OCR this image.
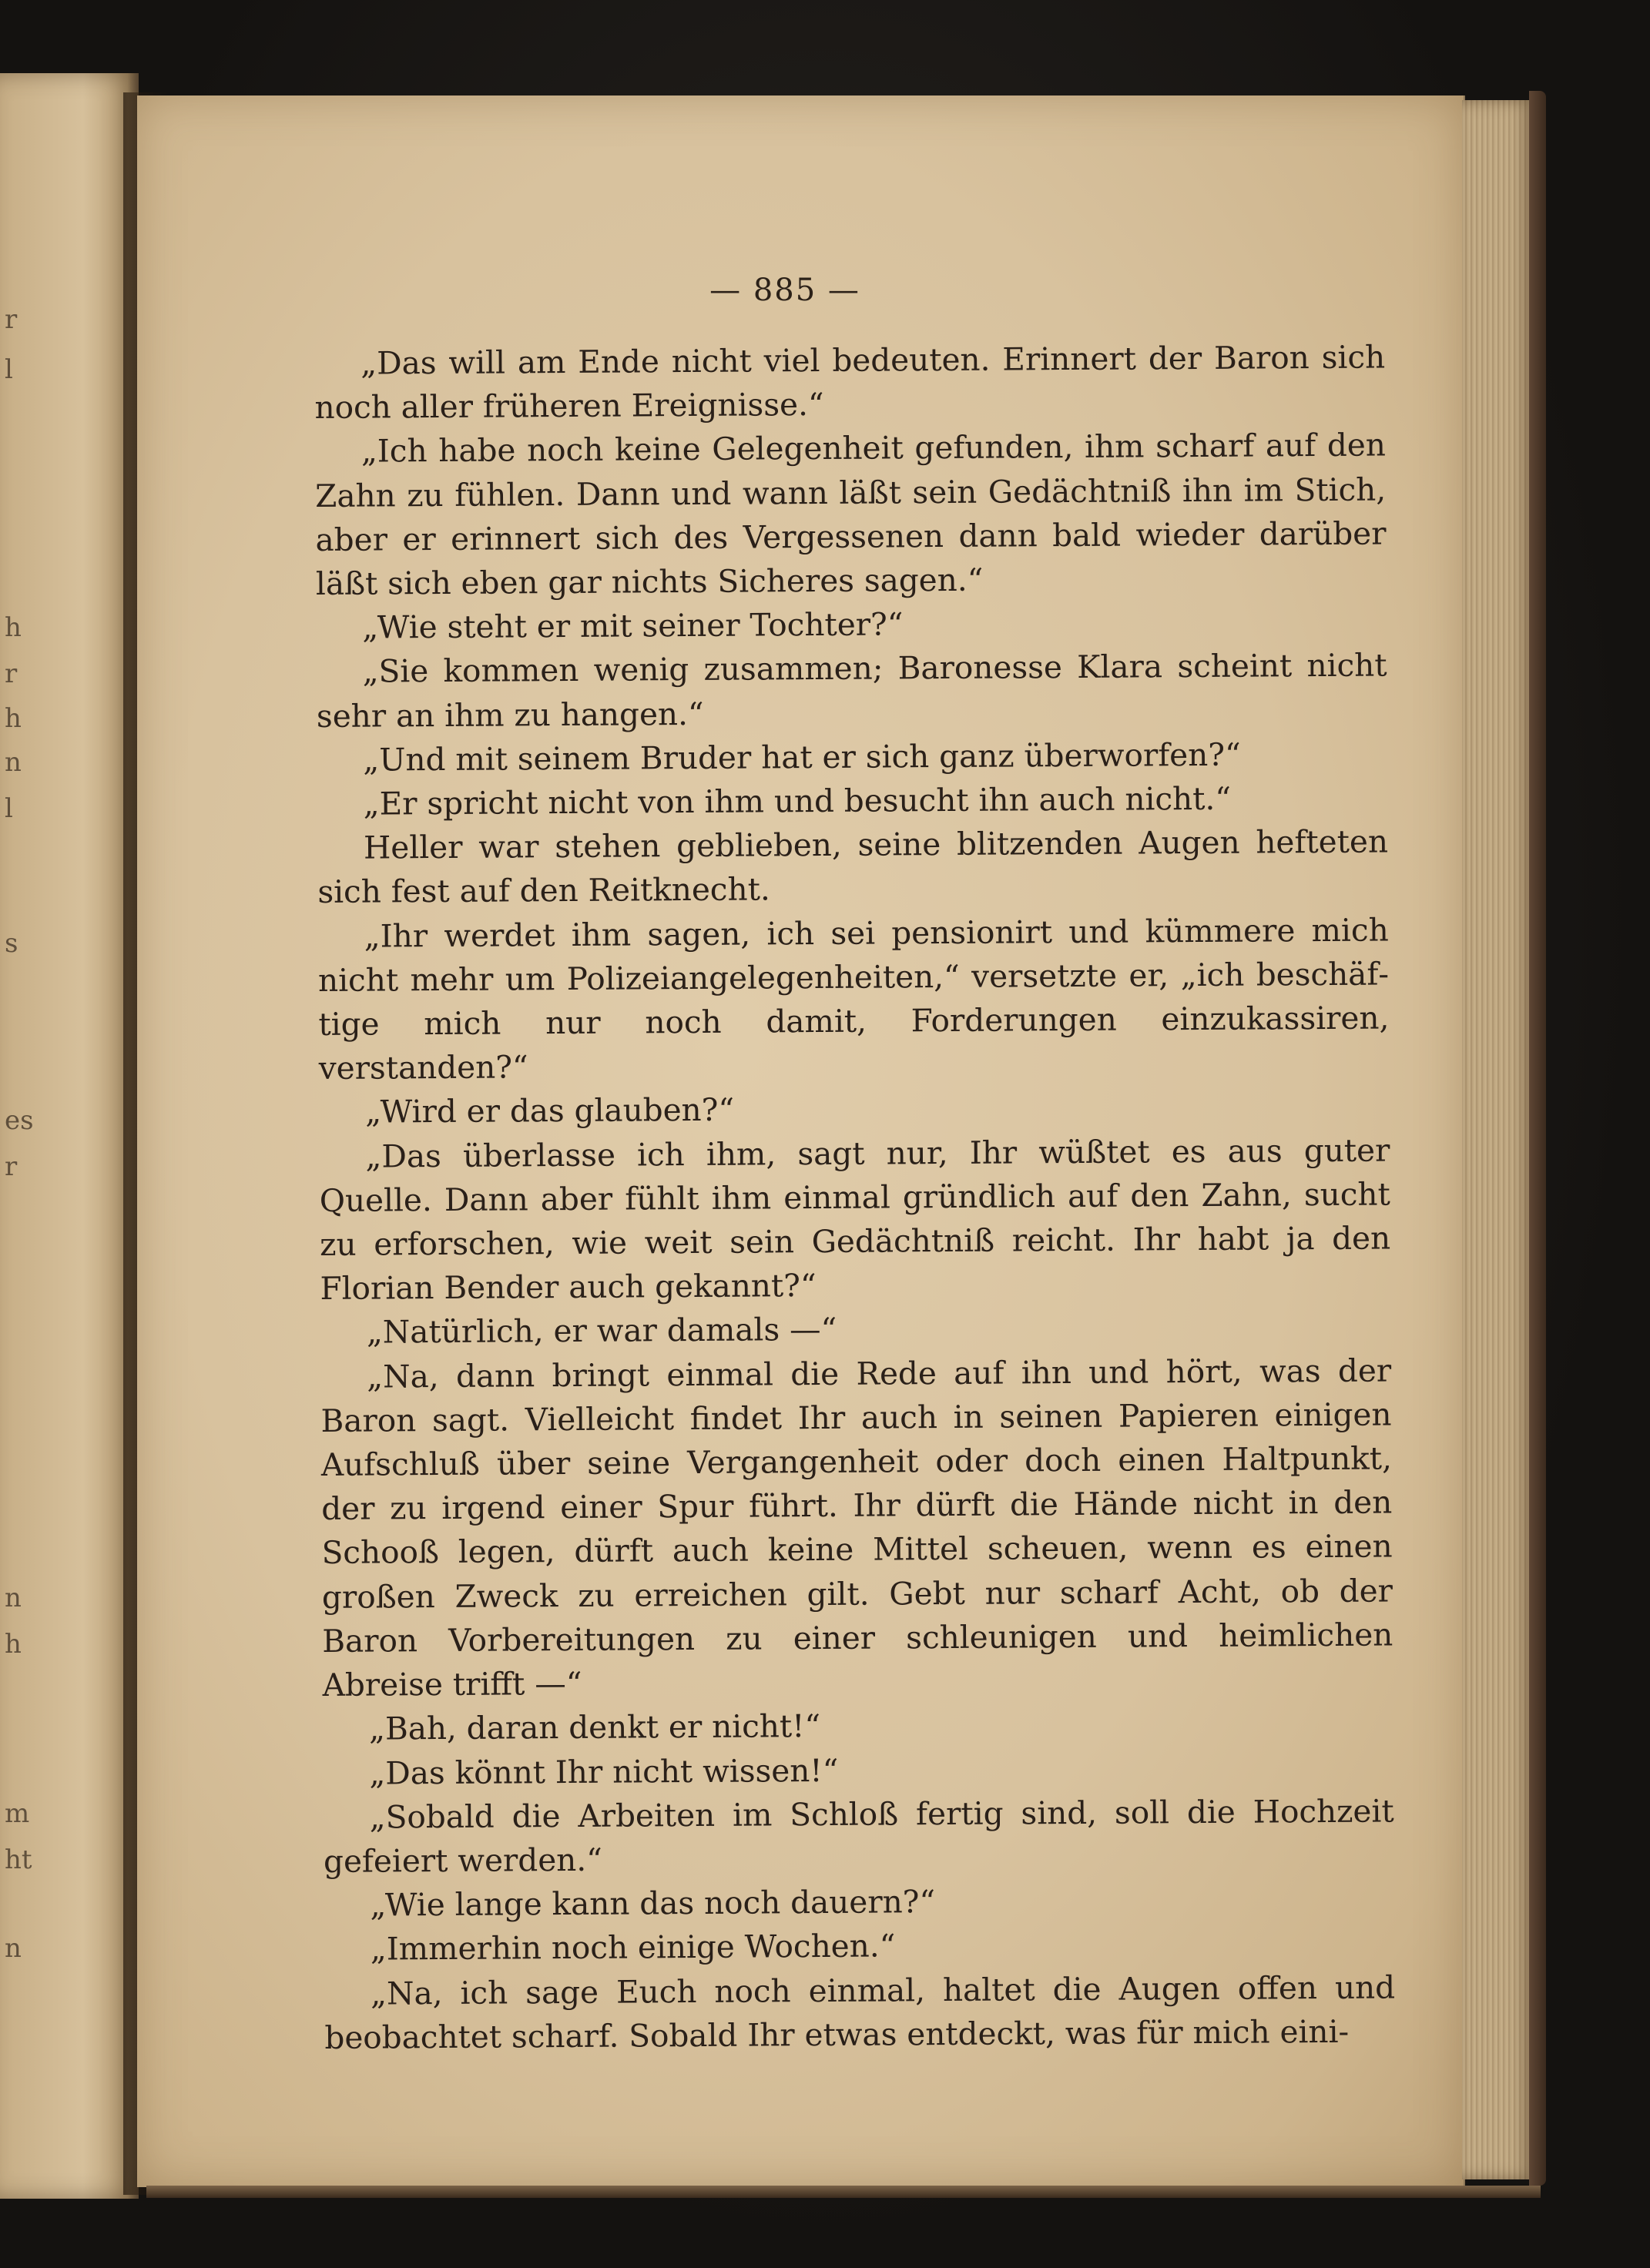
r
l
h
r
h
n
l
s
es
r
n
h
m
ht
n
— 885 —

„Das will am Ende nicht viel bedeuten. Erinnert der Baron sich noch aller früheren Ereignisse.“

„Ich habe noch keine Gelegenheit gefunden, ihm scharf auf den Zahn zu fühlen. Dann und wann läßt sein Gedächtniß ihn im Stich, aber er erinnert sich des Vergessenen dann bald wieder darüber läßt sich eben gar nichts Sicheres sagen.“

„Wie steht er mit seiner Tochter?“

„Sie kommen wenig zusammen; Baronesse Klara scheint nicht sehr an ihm zu hangen.“

„Und mit seinem Bruder hat er sich ganz überworfen?“

„Er spricht nicht von ihm und besucht ihn auch nicht.“

Heller war stehen geblieben, seine blitzenden Augen hefteten sich fest auf den Reitknecht.

„Ihr werdet ihm sagen, ich sei pensionirt und kümmere mich nicht mehr um Polizeiangelegenheiten,“ versetzte er, „ich beschäftige mich nur noch damit, Forderungen einzukassiren, verstanden?“

„Wird er das glauben?“

„Das überlasse ich ihm, sagt nur, Ihr wüßtet es aus guter Quelle. Dann aber fühlt ihm einmal gründlich auf den Zahn, sucht zu erforschen, wie weit sein Gedächtniß reicht. Ihr habt ja den Florian Bender auch gekannt?“

„Natürlich, er war damals —“

„Na, dann bringt einmal die Rede auf ihn und hört, was der Baron sagt. Vielleicht findet Ihr auch in seinen Papieren einigen Aufschluß über seine Vergangenheit oder doch einen Haltpunkt, der zu irgend einer Spur führt. Ihr dürft die Hände nicht in den Schooß legen, dürft auch keine Mittel scheuen, wenn es einen großen Zweck zu erreichen gilt. Gebt nur scharf Acht, ob der Baron Vorbereitungen zu einer schleunigen und heimlichen Abreise trifft —“

„Bah, daran denkt er nicht!“

„Das könnt Ihr nicht wissen!“

„Sobald die Arbeiten im Schloß fertig sind, soll die Hochzeit gefeiert werden.“

„Wie lange kann das noch dauern?“

„Immerhin noch einige Wochen.“

„Na, ich sage Euch noch einmal, haltet die Augen offen und beobachtet scharf. Sobald Ihr etwas entdeckt, was für mich eini-
